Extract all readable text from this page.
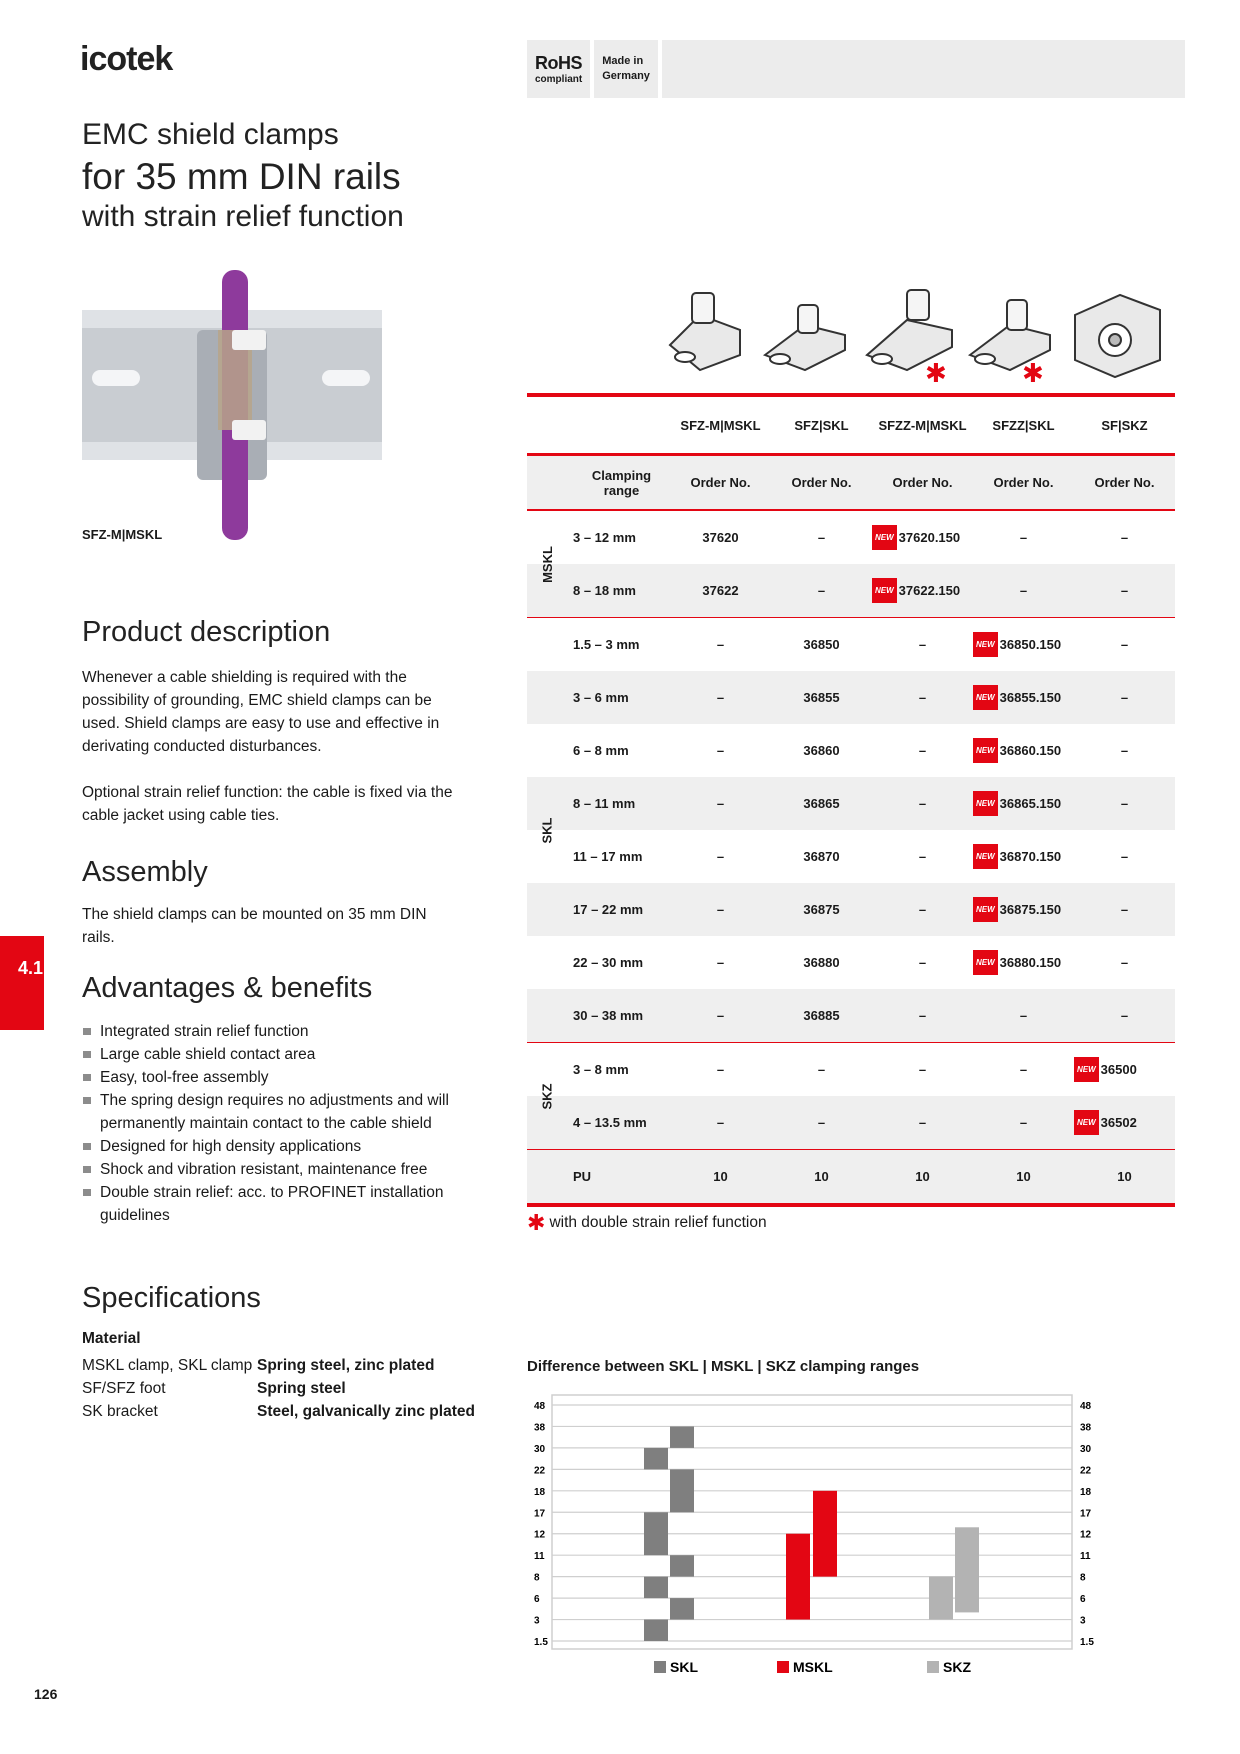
icotek	RoHS
compliant
Made in
Germany
EMC shield clamps
for 35 mm DIN rails
with strain relief function
SFZ-M|MSKL
Product description
Whenever a cable shielding is required with the possibility of grounding, EMC shield clamps can be used. Shield clamps are easy to use and effective in derivating conducted disturbances.
Optional strain relief function: the cable is fixed via the cable jacket using cable ties.
Assembly
The shield clamps can be mounted on 35 mm DIN rails.
Advantages & benefits
Integrated strain relief function
Large cable shield contact area
Easy, tool-free assembly
The spring design requires no adjustments and will permanently maintain contact to the cable shield
Designed for high density applications
Shock and vibration resistant, maintenance free
Double strain relief: acc. to PROFINET installation guidelines
Specifications
Material
MSKL clamp, SKL clamp Spring steel, zinc plated
SF/SFZ foot	Spring steel
SK bracket	Steel, galvanically zinc plated
4.1
126
✱	✱
SFZ-M|MSKL	SFZ|SKL	SFZZ-M|MSKL	SFZZ|SKL	SF|SKZ
Clamping range	Order No.	Order No.	Order No.	Order No.	Order No.
3 – 12 mm	37620	–	NEW 37620.150	–	–
8 – 18 mm	37622	–	NEW 37622.150	–	–
MSKL
1.5 – 3 mm	–	36850	–	NEW 36850.150	–
3 – 6 mm	–	36855	–	NEW 36855.150	–
6 – 8 mm	–	36860	–	NEW 36860.150	–
8 – 11 mm	–	36865	–	NEW 36865.150	–
11 – 17 mm	–	36870	–	NEW 36870.150	–
17 – 22 mm	–	36875	–	NEW 36875.150	–
22 – 30 mm	–	36880	–	NEW 36880.150	–
30 – 38 mm	–	36885	–	–	–
SKL
3 – 8 mm	–	–	–	–	NEW 36500
4 – 13.5 mm	–	–	–	–	NEW 36502
SKZ
PU	10	10	10	10	10
✱ with double strain relief function
Difference between SKL | MSKL | SKZ clamping ranges
1.5	1.5
3	3
6	6
8	8
11	11
12	12
17	17
18	18
22	22
30	30
38	38
48	48
SKL	MSKL	SKZ
